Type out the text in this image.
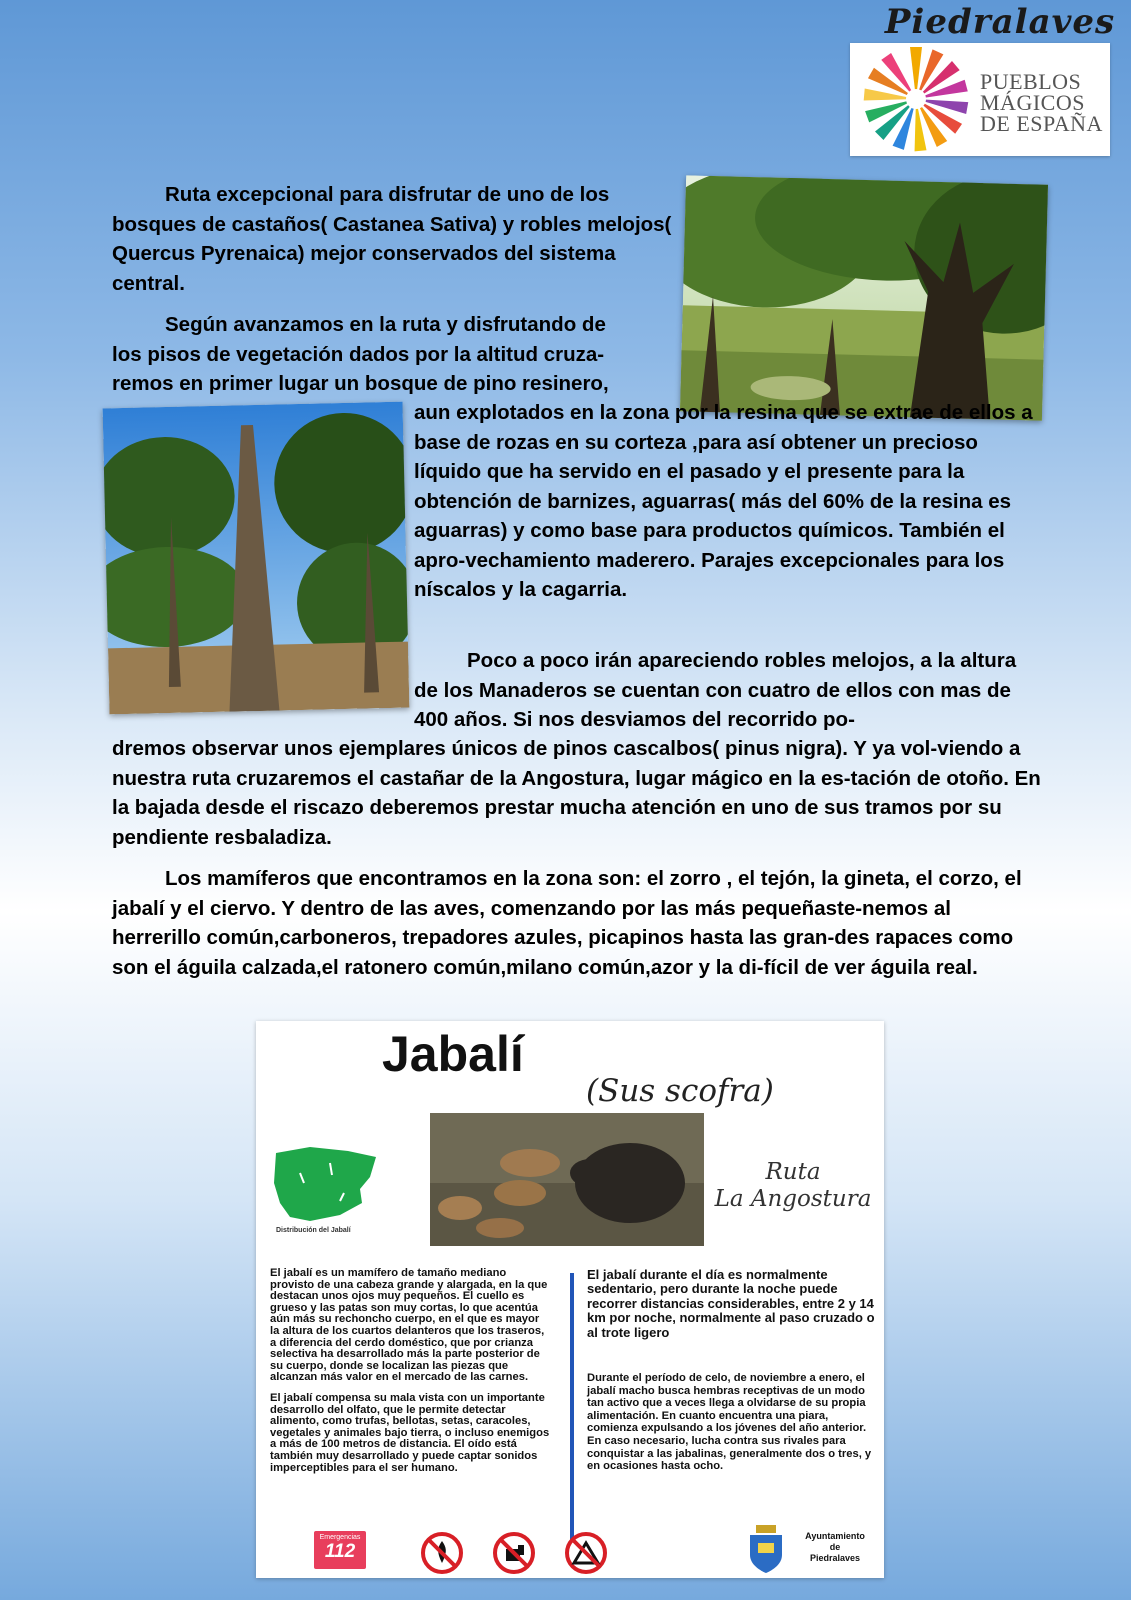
Piedralaves
PUEBLOS
MÁGICOS
DE ESPAÑA

Ruta excepcional para disfrutar de uno de los bosques de castaños( Castanea Sativa) y robles melojos( Quercus Pyrenaica) mejor conservados del sistema central.

Según avanzamos en la ruta y disfrutando de

los pisos de vegetación dados por la altitud cruza-

remos en primer lugar un bosque de pino resinero,

aun explotados en la zona por la resina que se extrae de ellos a base de rozas en su corteza ,para así obtener un precioso líquido que ha servido en el pasado y el presente para la obtención de barnizes, aguarras( más del 60% de la resina es aguarras) y como base para productos químicos. También el apro-vechamiento maderero. Parajes excepcionales para los níscalos y la cagarria.

Poco a poco irán apareciendo robles melojos, a la altura de los Manaderos se cuentan con cuatro de ellos con mas de 400 años. Si nos desviamos del recorrido po-

dremos observar unos ejemplares únicos de pinos cascalbos( pinus nigra). Y ya vol-viendo a nuestra ruta cruzaremos el castañar de la Angostura, lugar mágico en la es-tación de otoño. En la bajada desde el riscazo deberemos prestar mucha atención en uno de sus tramos por su pendiente resbaladiza.

Los mamíferos que encontramos en la zona son: el zorro , el tejón, la gineta, el corzo, el jabalí y el ciervo. Y dentro de las aves, comenzando por las más pequeñaste-nemos al herrerillo común,carboneros, trepadores azules, picapinos hasta las gran-des rapaces como son el águila calzada,el ratonero común,milano común,azor y la di-fícil de ver águila real.

Jabalí
(Sus scofra)
Distribución del Jabalí
Ruta
La Angostura

El jabalí es un mamífero de tamaño mediano provisto de una cabeza grande y alargada, en la que destacan unos ojos muy pequeños. El cuello es grueso y las patas son muy cortas, lo que acentúa aún más su rechoncho cuerpo, en el que es mayor la altura de los cuartos delanteros que los traseros, a diferencia del cerdo doméstico, que por crianza selectiva ha desarrollado más la parte posterior de su cuerpo, donde se localizan las piezas que alcanzan más valor en el mercado de las carnes.

El jabalí compensa su mala vista con un importante desarrollo del olfato, que le permite detectar alimento, como trufas, bellotas, setas, caracoles, vegetales y animales bajo tierra, o incluso enemigos a más de 100 metros de distancia. El oído está también muy desarrollado y puede captar sonidos imperceptibles para el ser humano.

El jabalí durante el día es normalmente sedentario, pero durante la noche puede recorrer distancias considerables, entre 2 y 14 km por noche, normalmente al paso cruzado o al trote ligero
Durante el período de celo, de noviembre a enero, el jabalí macho busca hembras receptivas de un modo tan activo que a veces llega a olvidarse de su propia alimentación. En cuanto encuentra una piara, comienza expulsando a los jóvenes del año anterior. En caso necesario, lucha contra sus rivales para conquistar a las jabalinas, generalmente dos o tres, y en ocasiones hasta ocho.
Emergencias
112
Ayuntamiento
de
Piedralaves
